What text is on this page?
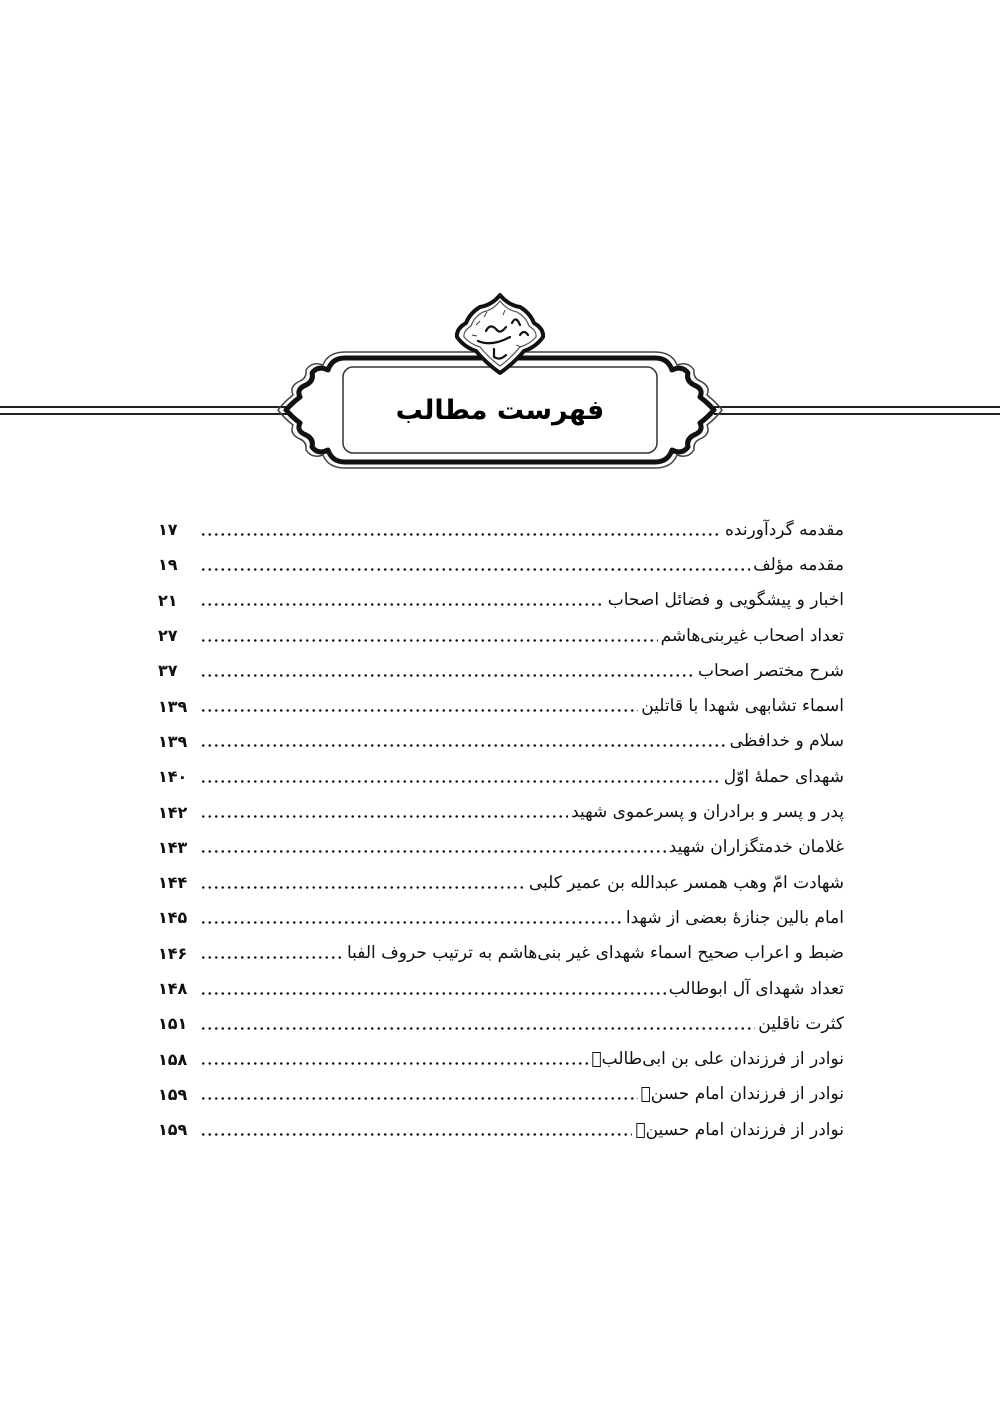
فهرست مطالب
مقدمه گردآورنده
۱۷
مقدمه مؤلف
۱۹
اخبار و پیشگویی و فضائل اصحاب
۲۱
تعداد اصحاب غیربنی‌هاشم
۲۷
شرح مختصر اصحاب
۳۷
اسماء تشابهی شهدا با قاتلین
۱۳۹
سلام و خدافظی
۱۳۹
شهدای حملهٔ اوّل
۱۴۰
پدر و پسر و برادران و پسرعموی شهید
۱۴۲
غلامان خدمتگزاران شهید
۱۴۳
شهادت امّ وهب همسر عبدالله بن عمیر کلبی
۱۴۴
امام بالین جنازهٔ بعضی از شهدا
۱۴۵
ضبط و اعراب صحیح اسماء شهدای غیر بنی‌هاشم به ترتیب حروف الفبا
۱۴۶
تعداد شهدای آل ابوطالب
۱۴۸
کثرت ناقلین
۱۵۱
نوادر از فرزندان علی بن ابی‌طالب﷣
۱۵۸
نوادر از فرزندان امام حسن﷣
۱۵۹
نوادر از فرزندان امام حسین﷣
۱۵۹
